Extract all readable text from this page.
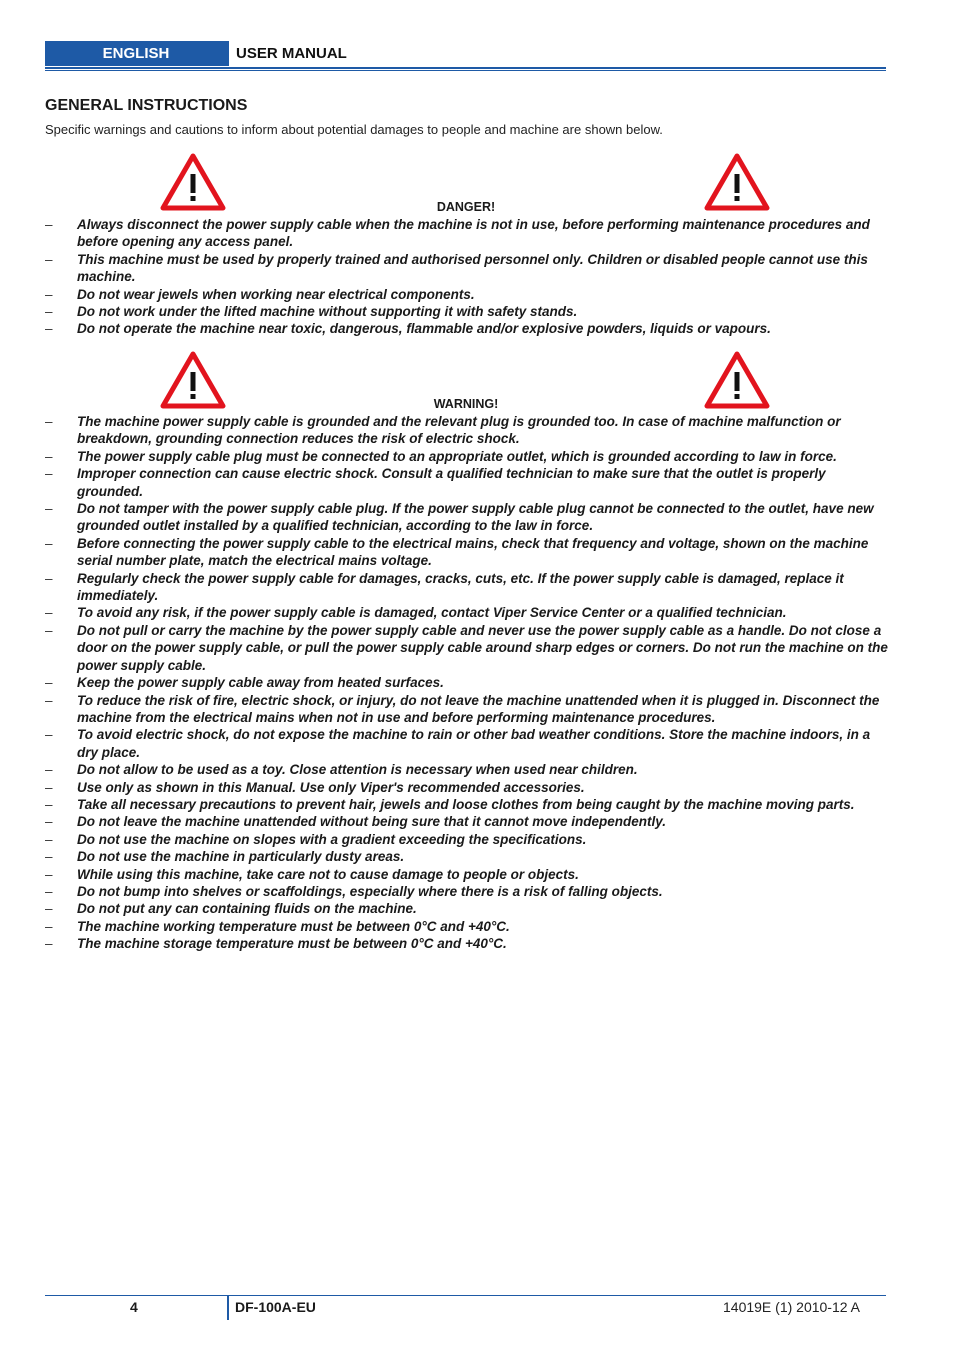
ENGLISH	USER MANUAL
GENERAL INSTRUCTIONS
Specific warnings and cautions to inform about potential damages to people and machine are shown below.
DANGER!
– Always disconnect the power supply cable when the machine is not in use, before performing maintenance procedures and before opening any access panel.
– This machine must be used by properly trained and authorised personnel only. Children or disabled people cannot use this machine.
– Do not wear jewels when working near electrical components.
– Do not work under the lifted machine without supporting it with safety stands.
– Do not operate the machine near toxic, dangerous, flammable and/or explosive powders, liquids or vapours.
WARNING!
– The machine power supply cable is grounded and the relevant plug is grounded too. In case of machine malfunction or breakdown, grounding connection reduces the risk of electric shock.
– The power supply cable plug must be connected to an appropriate outlet, which is grounded according to law in force.
– Improper connection can cause electric shock. Consult a qualified technician to make sure that the outlet is properly grounded.
– Do not tamper with the power supply cable plug. If the power supply cable plug cannot be connected to the outlet, have new grounded outlet installed by a qualified technician, according to the law in force.
– Before connecting the power supply cable to the electrical mains, check that frequency and voltage, shown on the machine serial number plate, match the electrical mains voltage.
– Regularly check the power supply cable for damages, cracks, cuts, etc. If the power supply cable is damaged, replace it immediately.
– To avoid any risk, if the power supply cable is damaged, contact Viper Service Center or a qualified technician.
– Do not pull or carry the machine by the power supply cable and never use the power supply cable as a handle. Do not close a door on the power supply cable, or pull the power supply cable around sharp edges or corners. Do not run the machine on the power supply cable.
– Keep the power supply cable away from heated surfaces.
– To reduce the risk of fire, electric shock, or injury, do not leave the machine unattended when it is plugged in. Disconnect the machine from the electrical mains when not in use and before performing maintenance procedures.
– To avoid electric shock, do not expose the machine to rain or other bad weather conditions. Store the machine indoors, in a dry place.
– Do not allow to be used as a toy. Close attention is necessary when used near children.
– Use only as shown in this Manual. Use only Viper's recommended accessories.
– Take all necessary precautions to prevent hair, jewels and loose clothes from being caught by the machine moving parts.
– Do not leave the machine unattended without being sure that it cannot move independently.
– Do not use the machine on slopes with a gradient exceeding the specifications.
– Do not use the machine in particularly dusty areas.
– While using this machine, take care not to cause damage to people or objects.
– Do not bump into shelves or scaffoldings, especially where there is a risk of falling objects.
– Do not put any can containing fluids on the machine.
– The machine working temperature must be between 0°C and +40°C.
– The machine storage temperature must be between 0°C and +40°C.
4	DF-100A-EU	14019E (1) 2010-12 A
